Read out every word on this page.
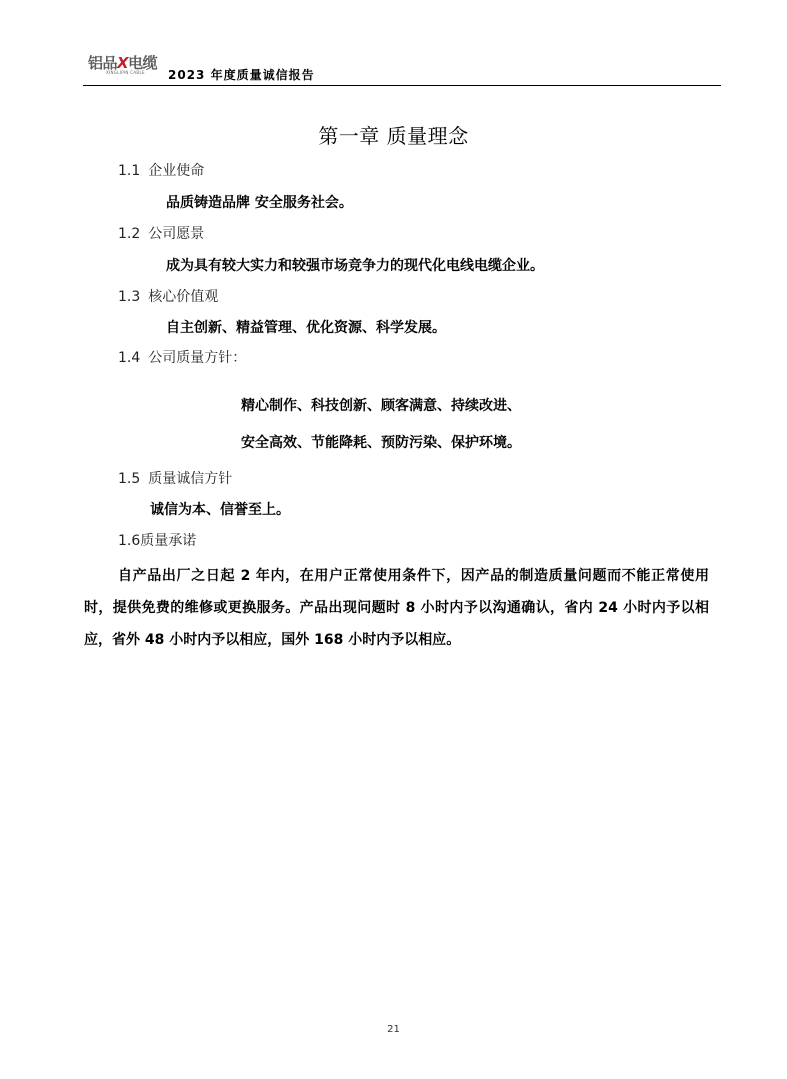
铝品X电缆
XINGLIPIN CABLE 2023 年度质量诚信报告
第一章 质量理念
1.1 企业使命
品质铸造品牌 安全服务社会。
1.2 公司愿景
成为具有较大实力和较强市场竞争力的现代化电线电缆企业。
1.3 核心价值观
自主创新、精益管理、优化资源、科学发展。
1.4 公司质量方针：
精心制作、科技创新、顾客满意、持续改进、
安全高效、节能降耗、预防污染、保护环境。
1.5 质量诚信方针
诚信为本、信誉至上。
1.6质量承诺
自产品出厂之日起 2 年内，在用户正常使用条件下，因产品的制造质量问题而不能正常使用时，提供免费的维修或更换服务。产品出现问题时 8 小时内予以沟通确认，省内 24 小时内予以相应，省外 48 小时内予以相应，国外 168 小时内予以相应。
21
